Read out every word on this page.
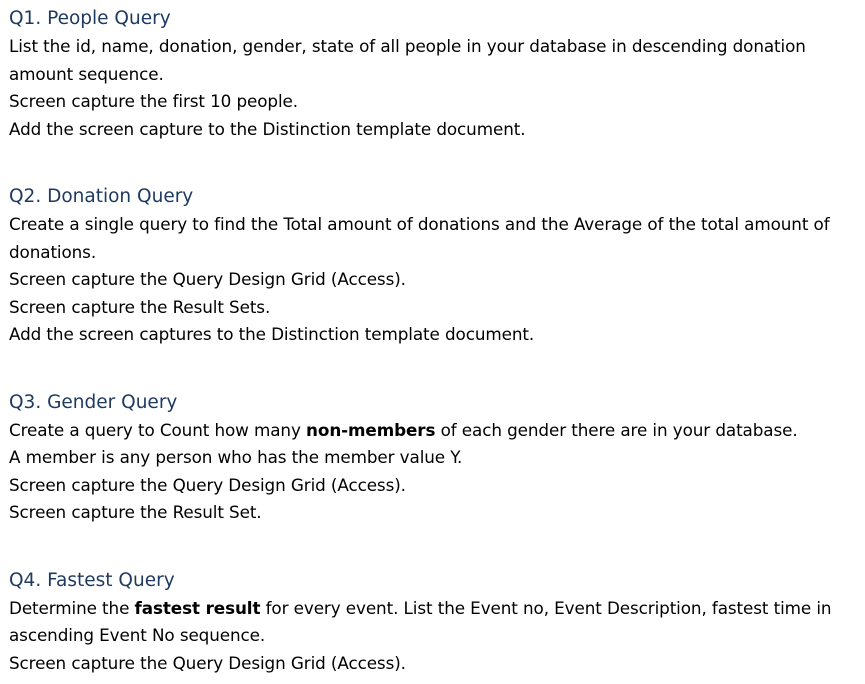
Q1. People Query
List the id, name, donation, gender, state of all people in your database in descending donation
amount sequence.
Screen capture the first 10 people.
Add the screen capture to the Distinction template document.
Q2. Donation Query
Create a single query to find the Total amount of donations and the Average of the total amount of
donations.
Screen capture the Query Design Grid (Access).
Screen capture the Result Sets.
Add the screen captures to the Distinction template document.
Q3. Gender Query
Create a query to Count how many non-members of each gender there are in your database.
A member is any person who has the member value Y.
Screen capture the Query Design Grid (Access).
Screen capture the Result Set.
Q4. Fastest Query
Determine the fastest result for every event. List the Event no, Event Description, fastest time in
ascending Event No sequence.
Screen capture the Query Design Grid (Access).
